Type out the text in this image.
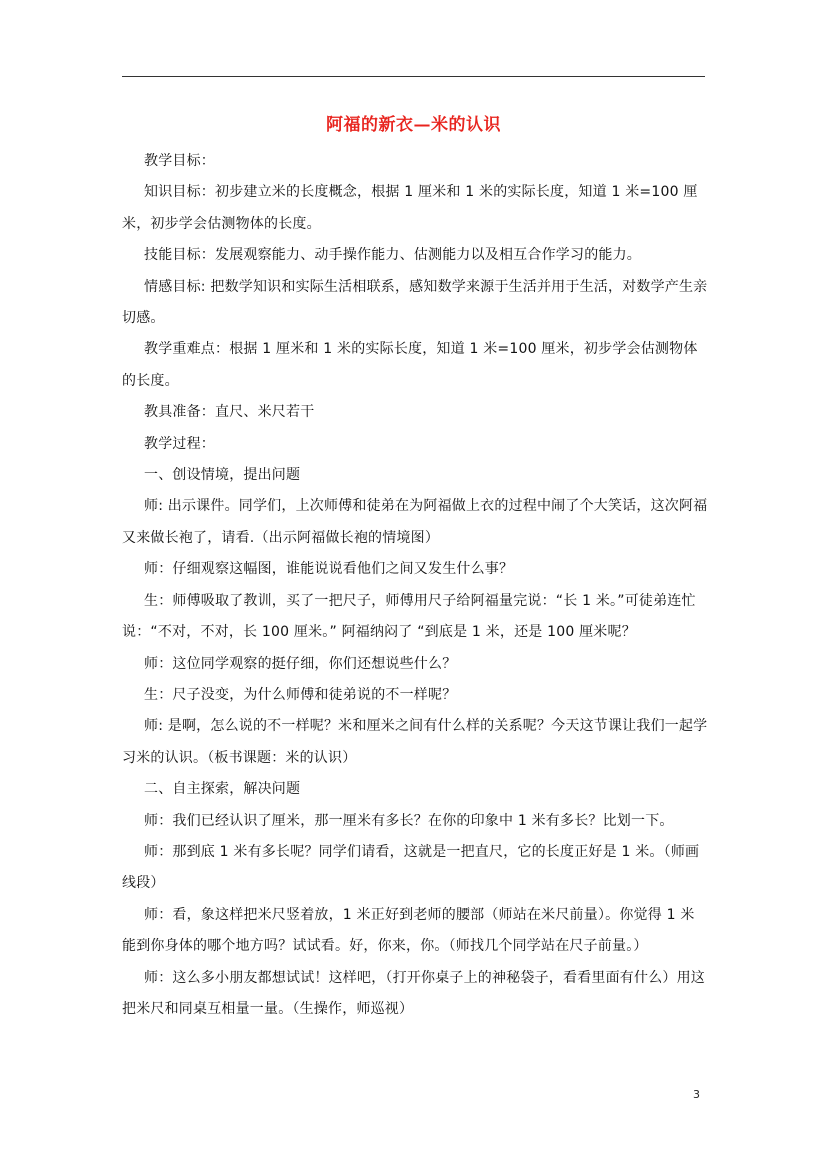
阿福的新衣—米的认识

教学目标：

知识目标：初步建立米的长度概念，根据 1 厘米和 1 米的实际长度，知道 1 米=100 厘米，初步学会估测物体的长度。

技能目标：发展观察能力、动手操作能力、估测能力以及相互合作学习的能力。

情感目标: 把数学知识和实际生活相联系，感知数学来源于生活并用于生活，对数学产生亲切感。

教学重难点：根据 1 厘米和 1 米的实际长度，知道 1 米=100 厘米，初步学会估测物体的长度。

教具准备：直尺、米尺若干

教学过程：

一、创设情境，提出问题

师: 出示课件。同学们，上次师傅和徒弟在为阿福做上衣的过程中闹了个大笑话，这次阿福又来做长袍了，请看.（出示阿福做长袍的情境图）

师：仔细观察这幅图，谁能说说看他们之间又发生什么事？

生：师傅吸取了教训，买了一把尺子，师傅用尺子给阿福量完说：“长 1 米。”可徒弟连忙说：“不对，不对，长 100 厘米。” 阿福纳闷了 “到底是 1 米，还是 100 厘米呢？

师：这位同学观察的挺仔细，你们还想说些什么？

生：尺子没变，为什么师傅和徒弟说的不一样呢？

师: 是啊，怎么说的不一样呢？米和厘米之间有什么样的关系呢？今天这节课让我们一起学习米的认识。（板书课题：米的认识）

二、自主探索，解决问题

师：我们已经认识了厘米，那一厘米有多长？在你的印象中 1 米有多长？比划一下。

师：那到底 1 米有多长呢？同学们请看，这就是一把直尺，它的长度正好是 1 米。（师画线段）

师：看，象这样把米尺竖着放，1 米正好到老师的腰部（师站在米尺前量）。你觉得 1 米能到你身体的哪个地方吗？试试看。好，你来，你。（师找几个同学站在尺子前量。）

师：这么多小朋友都想试试！这样吧，（打开你桌子上的神秘袋子，看看里面有什么）用这把米尺和同桌互相量一量。（生操作，师巡视）

3
